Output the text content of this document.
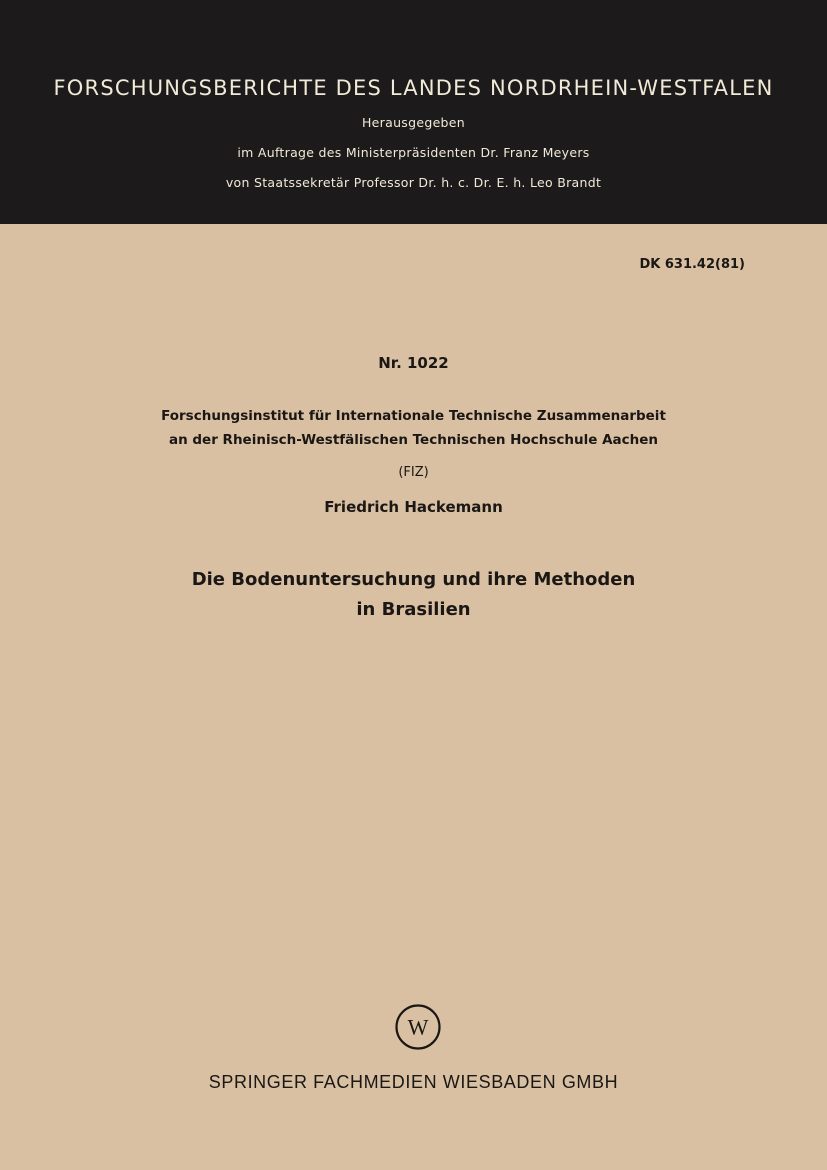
FORSCHUNGSBERICHTE DES LANDES NORDRHEIN-WESTFALEN
Herausgegeben
im Auftrage des Ministerpräsidenten Dr. Franz Meyers
von Staatssekretär Professor Dr. h. c. Dr. E. h. Leo Brandt
DK 631.42(81)
Nr. 1022
Forschungsinstitut für Internationale Technische Zusammenarbeit
an der Rheinisch-Westfälischen Technischen Hochschule Aachen
(FIZ)
Friedrich Hackemann
Die Bodenuntersuchung und ihre Methoden
in Brasilien
W
SPRINGER FACHMEDIEN WIESBADEN GMBH
